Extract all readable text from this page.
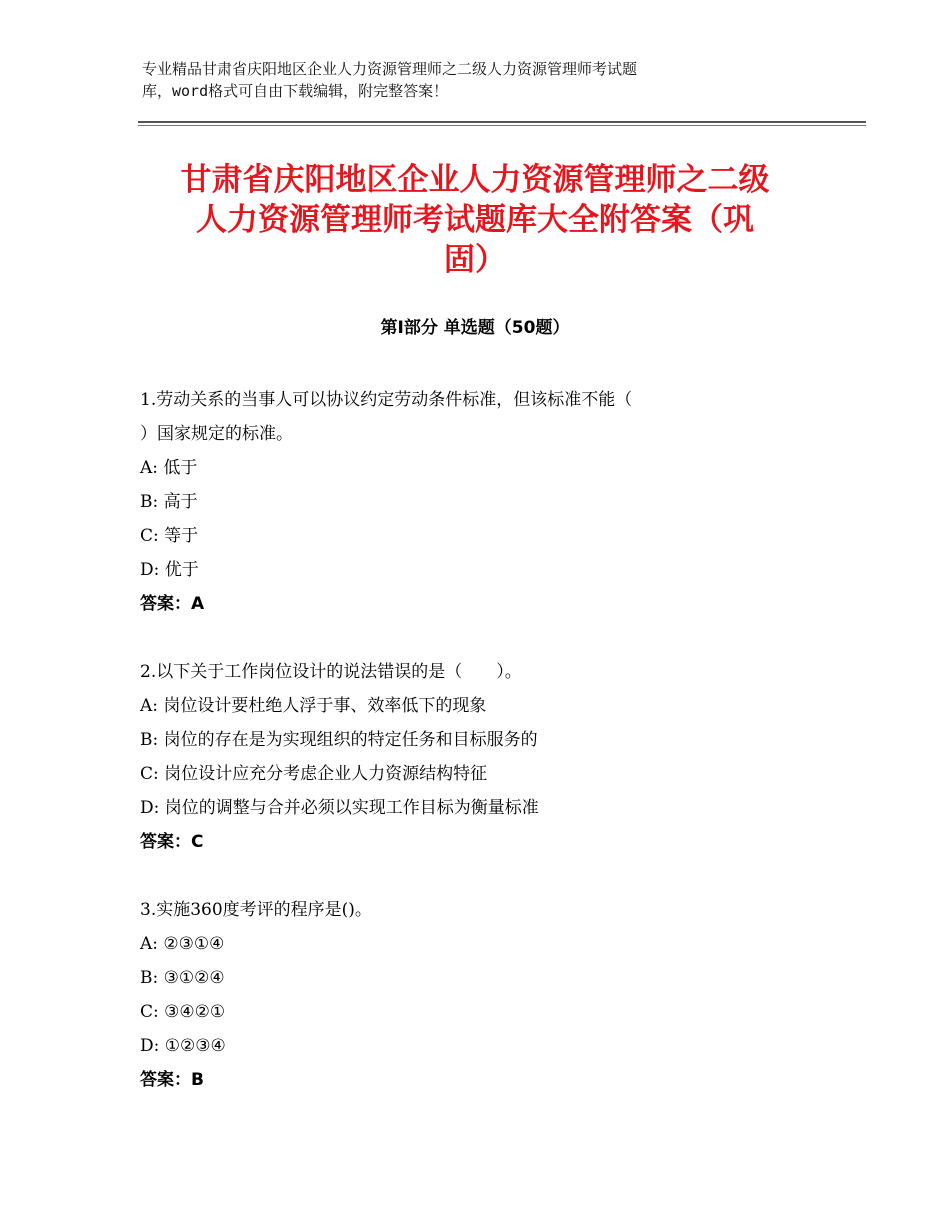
专业精品甘肃省庆阳地区企业人力资源管理师之二级人力资源管理师考试题
库，word格式可自由下载编辑，附完整答案！
甘肃省庆阳地区企业人力资源管理师之二级
人力资源管理师考试题库大全附答案（巩
固）
第Ⅰ部分 单选题（50题）
1.劳动关系的当事人可以协议约定劳动条件标准，但该标准不能（
）国家规定的标准。
A: 低于
B: 高于
C: 等于
D: 优于
答案：A
2.以下关于工作岗位设计的说法错误的是（　　）。
A: 岗位设计要杜绝人浮于事、效率低下的现象
B: 岗位的存在是为实现组织的特定任务和目标服务的
C: 岗位设计应充分考虑企业人力资源结构特征
D: 岗位的调整与合并必须以实现工作目标为衡量标准
答案：C
3.实施360度考评的程序是()。
A: ②③①④
B: ③①②④
C: ③④②①
D: ①②③④
答案：B
